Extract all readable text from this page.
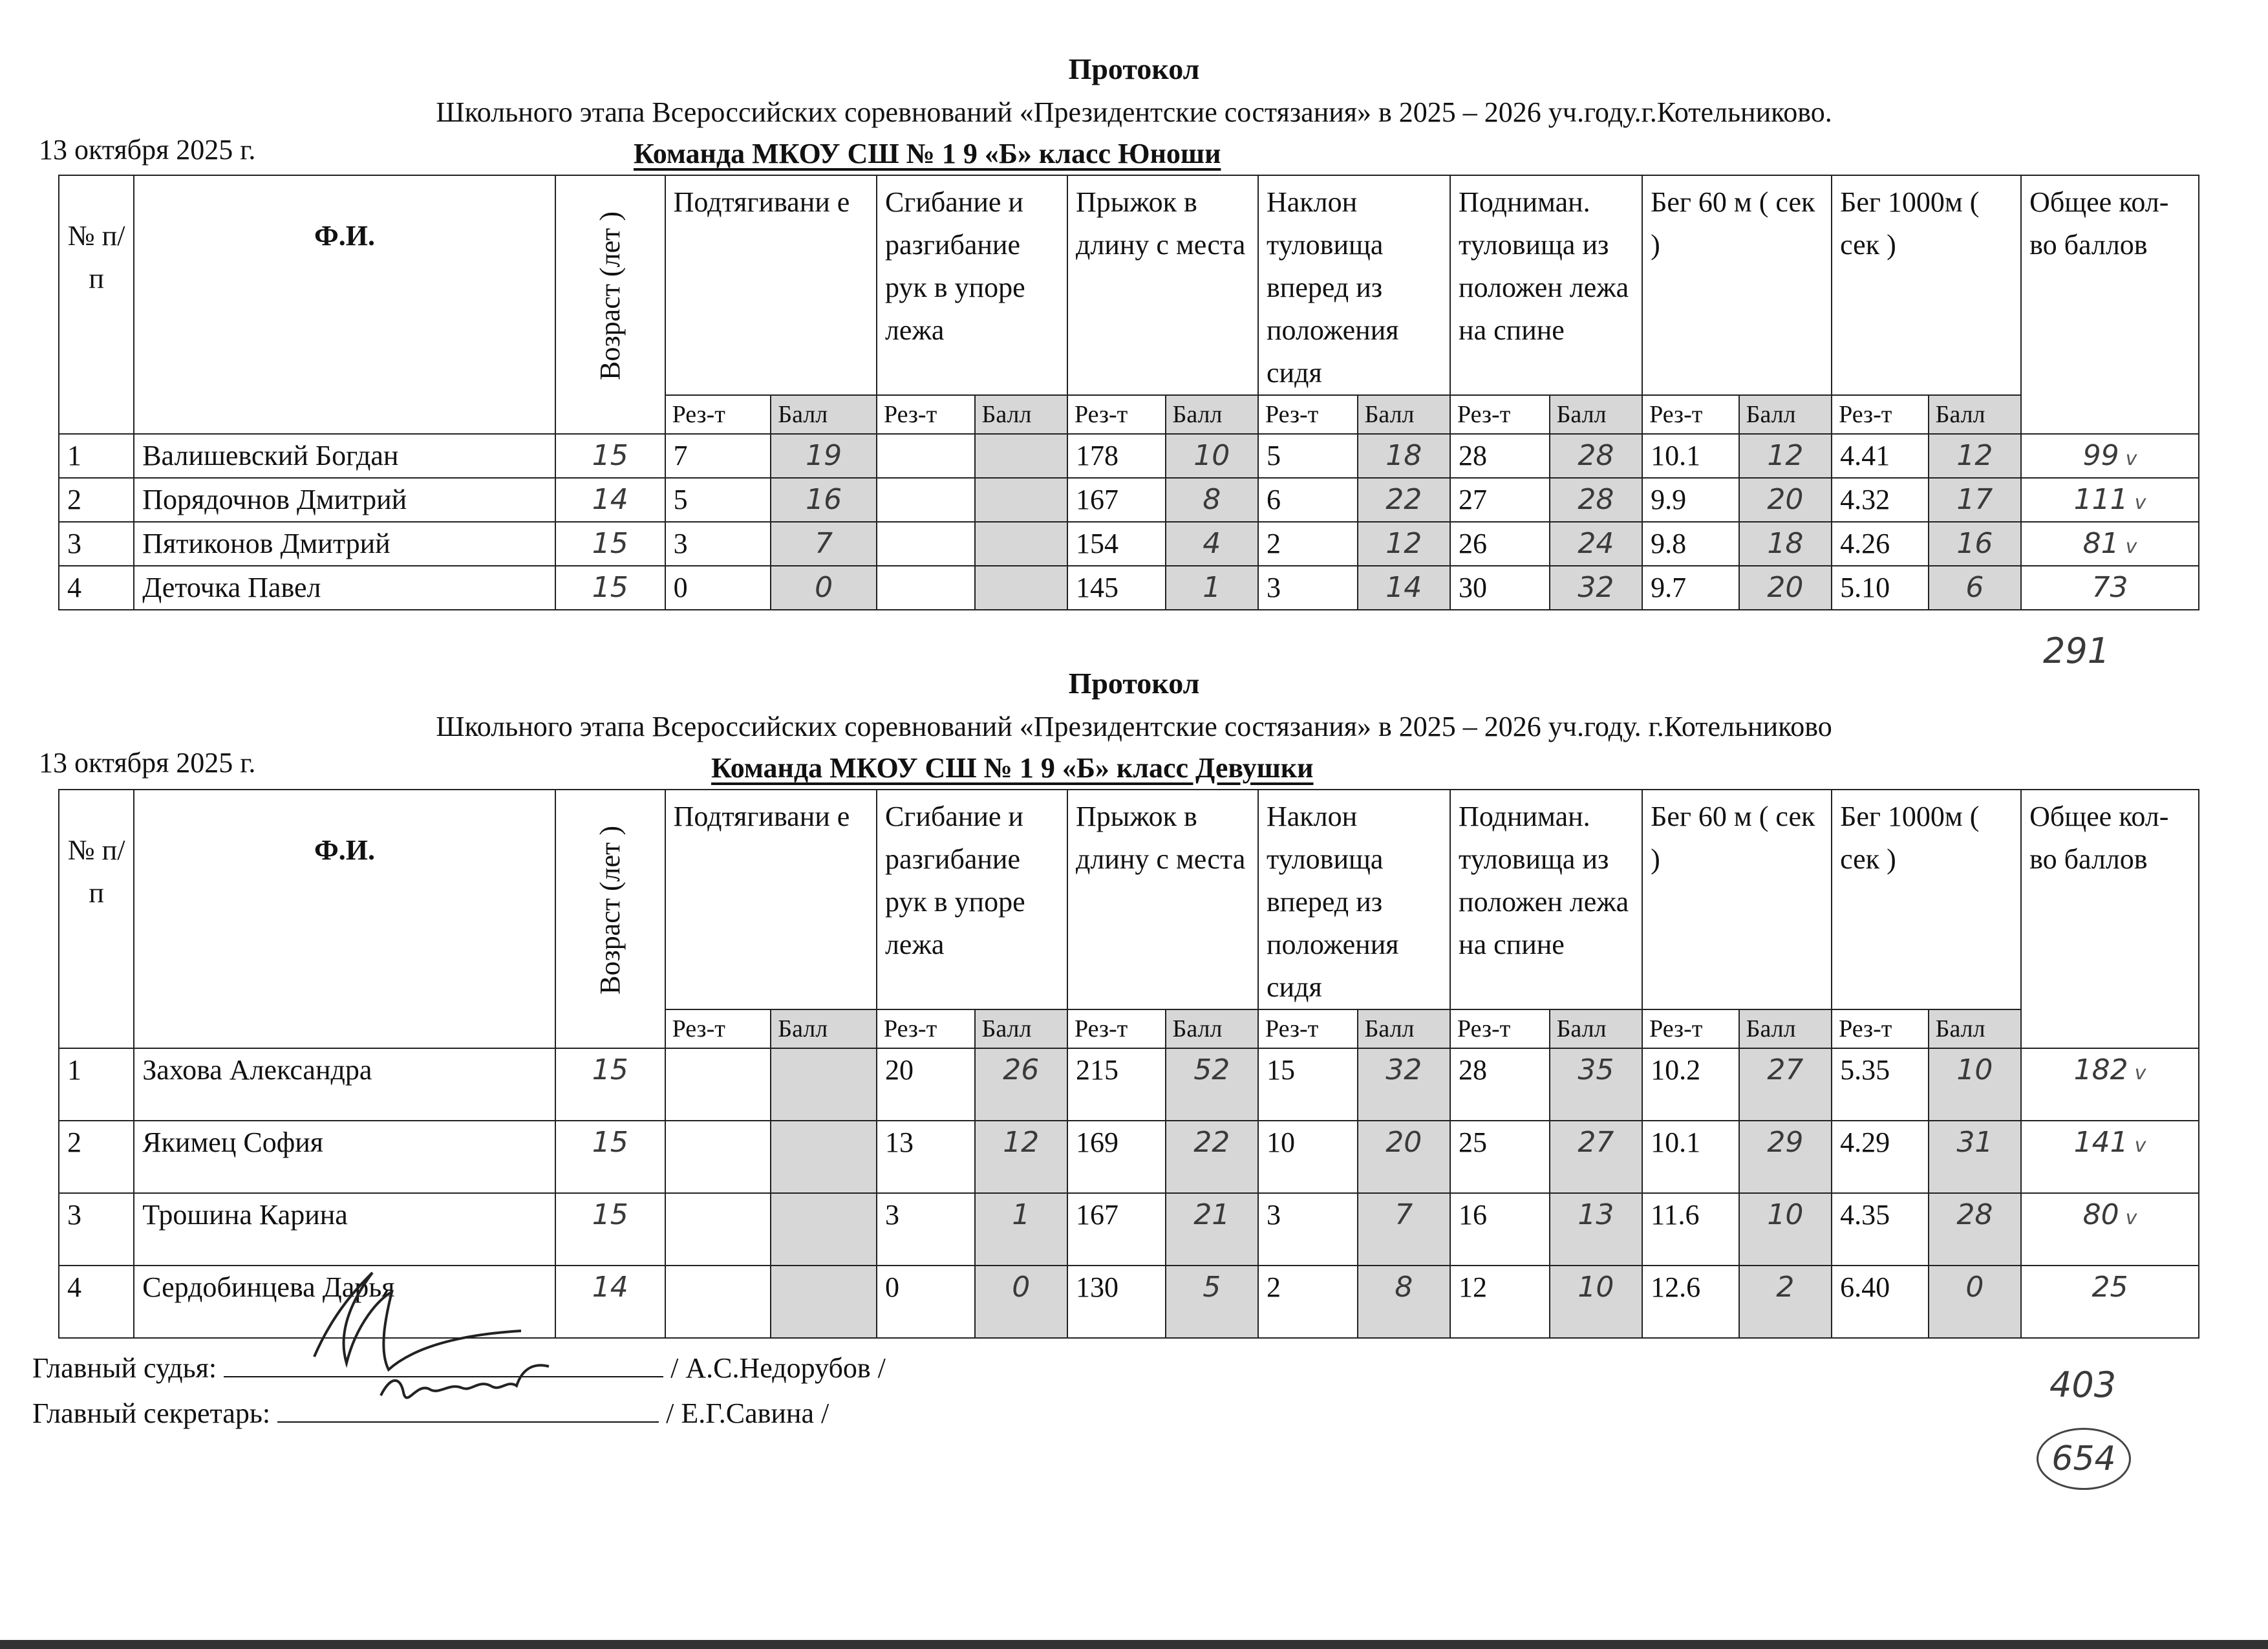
Протокол
Школьного этапа Всероссийских соревнований «Президентские состязания» в 2025 – 2026 уч.году.г.Котельниково.
13 октября 2025 г.	Команда МКОУ СШ № 1 9 «Б» класс Юноши
№ п/п	Ф.И.	Возраст (лет )	Подтягивани е		Сгибание и разгибание рук в упоре лежа		Прыжок в длину с места		Наклон туловища вперед из положения сидя		Подниман. туловища из положен лежа на спине		Бег 60 м ( сек )		Бег 1000м ( сек )		Общее кол-во баллов
			Рез-т	Балл	Рез-т	Балл	Рез-т	Балл	Рез-т	Балл	Рез-т	Балл	Рез-т	Балл	Рез-т	Балл	
1	Валишевский Богдан	15	7	19			178	10	5	18	28	28	10.1	12	4.41	12	99 v
2	Порядочнов Дмитрий	14	5	16			167	8	6	22	27	28	9.9	20	4.32	17	111 v
3	Пятиконов Дмитрий	15	3	7			154	4	2	12	26	24	9.8	18	4.26	16	81 v
4	Деточка Павел	15	0	0			145	1	3	14	30	32	9.7	20	5.10	6	73
291
Протокол
Школьного этапа Всероссийских соревнований «Президентские состязания» в 2025 – 2026 уч.году. г.Котельниково
13 октября 2025 г.	Команда МКОУ СШ № 1 9 «Б» класс Девушки
№ п/п	Ф.И.	Возраст (лет )	Подтягивани е		Сгибание и разгибание рук в упоре лежа		Прыжок в длину с места		Наклон туловища вперед из положения сидя		Подниман. туловища из положен лежа на спине		Бег 60 м ( сек )		Бег 1000м ( сек )		Общее кол-во баллов
			Рез-т	Балл	Рез-т	Балл	Рез-т	Балл	Рез-т	Балл	Рез-т	Балл	Рез-т	Балл	Рез-т	Балл	
1	Захова Александра	15			20	26	215	52	15	32	28	35	10.2	27	5.35	10	182 v
2	Якимец София	15			13	12	169	22	10	20	25	27	10.1	29	4.29	31	141 v
3	Трошина Карина	15			3	1	167	21	3	7	16	13	11.6	10	4.35	28	80 v
4	Сердобинцева Дарья	14			0	0	130	5	2	8	12	10	12.6	2	6.40	0	25
Главный судья:	/ А.С.Недорубов /
Главный секретарь:	/ Е.Г.Савина /
403
654
